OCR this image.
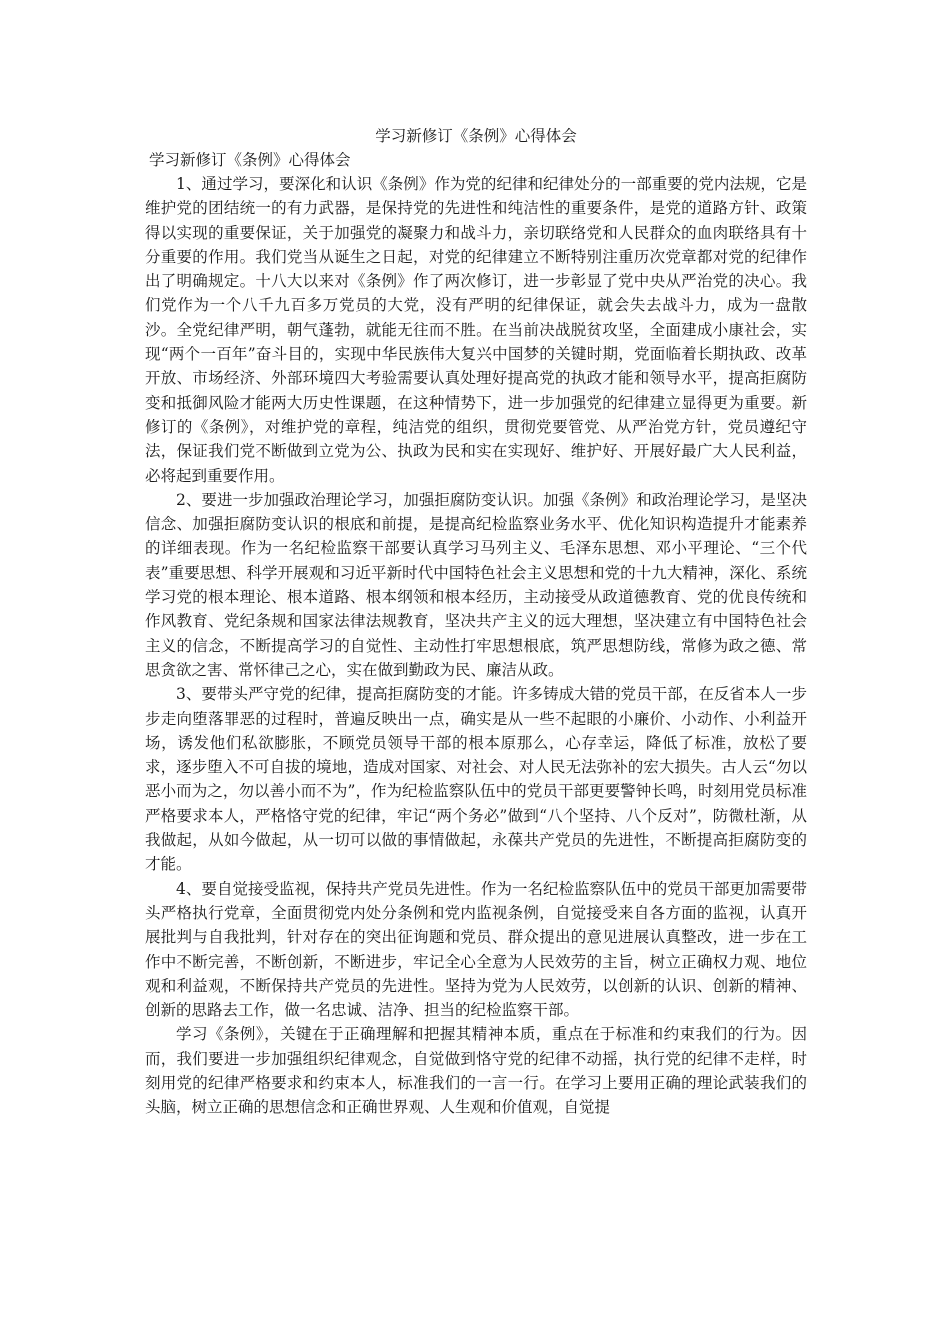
学习新修订《条例》心得体会

学习新修订《条例》心得体会

1、通过学习，要深化和认识《条例》作为党的纪律和纪律处分的一部重要的党内法规，它是维护党的团结统一的有力武器，是保持党的先进性和纯洁性的重要条件，是党的道路方针、政策得以实现的重要保证，关于加强党的凝聚力和战斗力，亲切联络党和人民群众的血肉联络具有十分重要的作用。我们党当从诞生之日起，对党的纪律建立不断特别注重历次党章都对党的纪律作出了明确规定。十八大以来对《条例》作了两次修订，进一步彰显了党中央从严治党的决心。我们党作为一个八千九百多万党员的大党，没有严明的纪律保证，就会失去战斗力，成为一盘散沙。全党纪律严明，朝气蓬勃，就能无往而不胜。在当前决战脱贫攻坚，全面建成小康社会，实现“两个一百年”奋斗目的，实现中华民族伟大复兴中国梦的关键时期，党面临着长期执政、改革开放、市场经济、外部环境四大考验需要认真处理好提高党的执政才能和领导水平，提高拒腐防变和抵御风险才能两大历史性课题，在这种情势下，进一步加强党的纪律建立显得更为重要。新修订的《条例》，对维护党的章程，纯洁党的组织，贯彻党要管党、从严治党方针，党员遵纪守法，保证我们党不断做到立党为公、执政为民和实在实现好、维护好、开展好最广大人民利益，必将起到重要作用。

2、要进一步加强政治理论学习，加强拒腐防变认识。加强《条例》和政治理论学习，是坚决信念、加强拒腐防变认识的根底和前提，是提高纪检监察业务水平、优化知识构造提升才能素养的详细表现。作为一名纪检监察干部要认真学习马列主义、毛泽东思想、邓小平理论、“三个代表”重要思想、科学开展观和习近平新时代中国特色社会主义思想和党的十九大精神，深化、系统学习党的根本理论、根本道路、根本纲领和根本经历，主动接受从政道德教育、党的优良传统和作风教育、党纪条规和国家法律法规教育，坚决共产主义的远大理想，坚决建立有中国特色社会主义的信念，不断提高学习的自觉性、主动性打牢思想根底，筑严思想防线，常修为政之德、常思贪欲之害、常怀律己之心，实在做到勤政为民、廉洁从政。

3、要带头严守党的纪律，提高拒腐防变的才能。许多铸成大错的党员干部，在反省本人一步步走向堕落罪恶的过程时，普遍反映出一点，确实是从一些不起眼的小廉价、小动作、小利益开场，诱发他们私欲膨胀，不顾党员领导干部的根本原那么，心存幸运，降低了标准，放松了要求，逐步堕入不可自拔的境地，造成对国家、对社会、对人民无法弥补的宏大损失。古人云“勿以恶小而为之，勿以善小而不为”，作为纪检监察队伍中的党员干部更要警钟长鸣，时刻用党员标准严格要求本人，严格恪守党的纪律，牢记“两个务必”做到“八个坚持、八个反对”，防微杜渐，从我做起，从如今做起，从一切可以做的事情做起，永葆共产党员的先进性，不断提高拒腐防变的才能。

4、要自觉接受监视，保持共产党员先进性。作为一名纪检监察队伍中的党员干部更加需要带头严格执行党章，全面贯彻党内处分条例和党内监视条例，自觉接受来自各方面的监视，认真开展批判与自我批判，针对存在的突出征询题和党员、群众提出的意见进展认真整改，进一步在工作中不断完善，不断创新，不断进步，牢记全心全意为人民效劳的主旨，树立正确权力观、地位观和利益观，不断保持共产党员的先进性。坚持为党为人民效劳，以创新的认识、创新的精神、创新的思路去工作，做一名忠诚、洁净、担当的纪检监察干部。

学习《条例》，关键在于正确理解和把握其精神本质，重点在于标准和约束我们的行为。因而，我们要进一步加强组织纪律观念，自觉做到恪守党的纪律不动摇，执行党的纪律不走样，时刻用党的纪律严格要求和约束本人，标准我们的一言一行。在学习上要用正确的理论武装我们的头脑，树立正确的思想信念和正确世界观、人生观和价值观，自觉提
